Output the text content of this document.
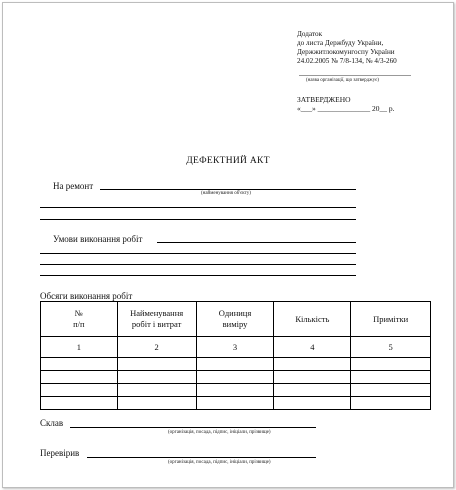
Додаток
до листа Держбуду України,
Держжитлокомунгоспу України
24.02.2005 № 7/8-134, № 4/3-260
(назва організації, що затверджує)
ЗАТВЕРДЖЕНО
«___» ______________ 20__ р.
ДЕФЕКТНИЙ АКТ
На ремонт
(найменування об'єкту)
Умови виконання робіт
Обсяги виконання робіт
№ п/п	Найменування робіт і витрат	Одиниця виміру	Кількість	Примітки
1	2	3	4	5

Склав
(організація, посада, підпис, ініціали, прізвище)
Перевірив
(організація, посада, підпис, ініціали, прізвище)
